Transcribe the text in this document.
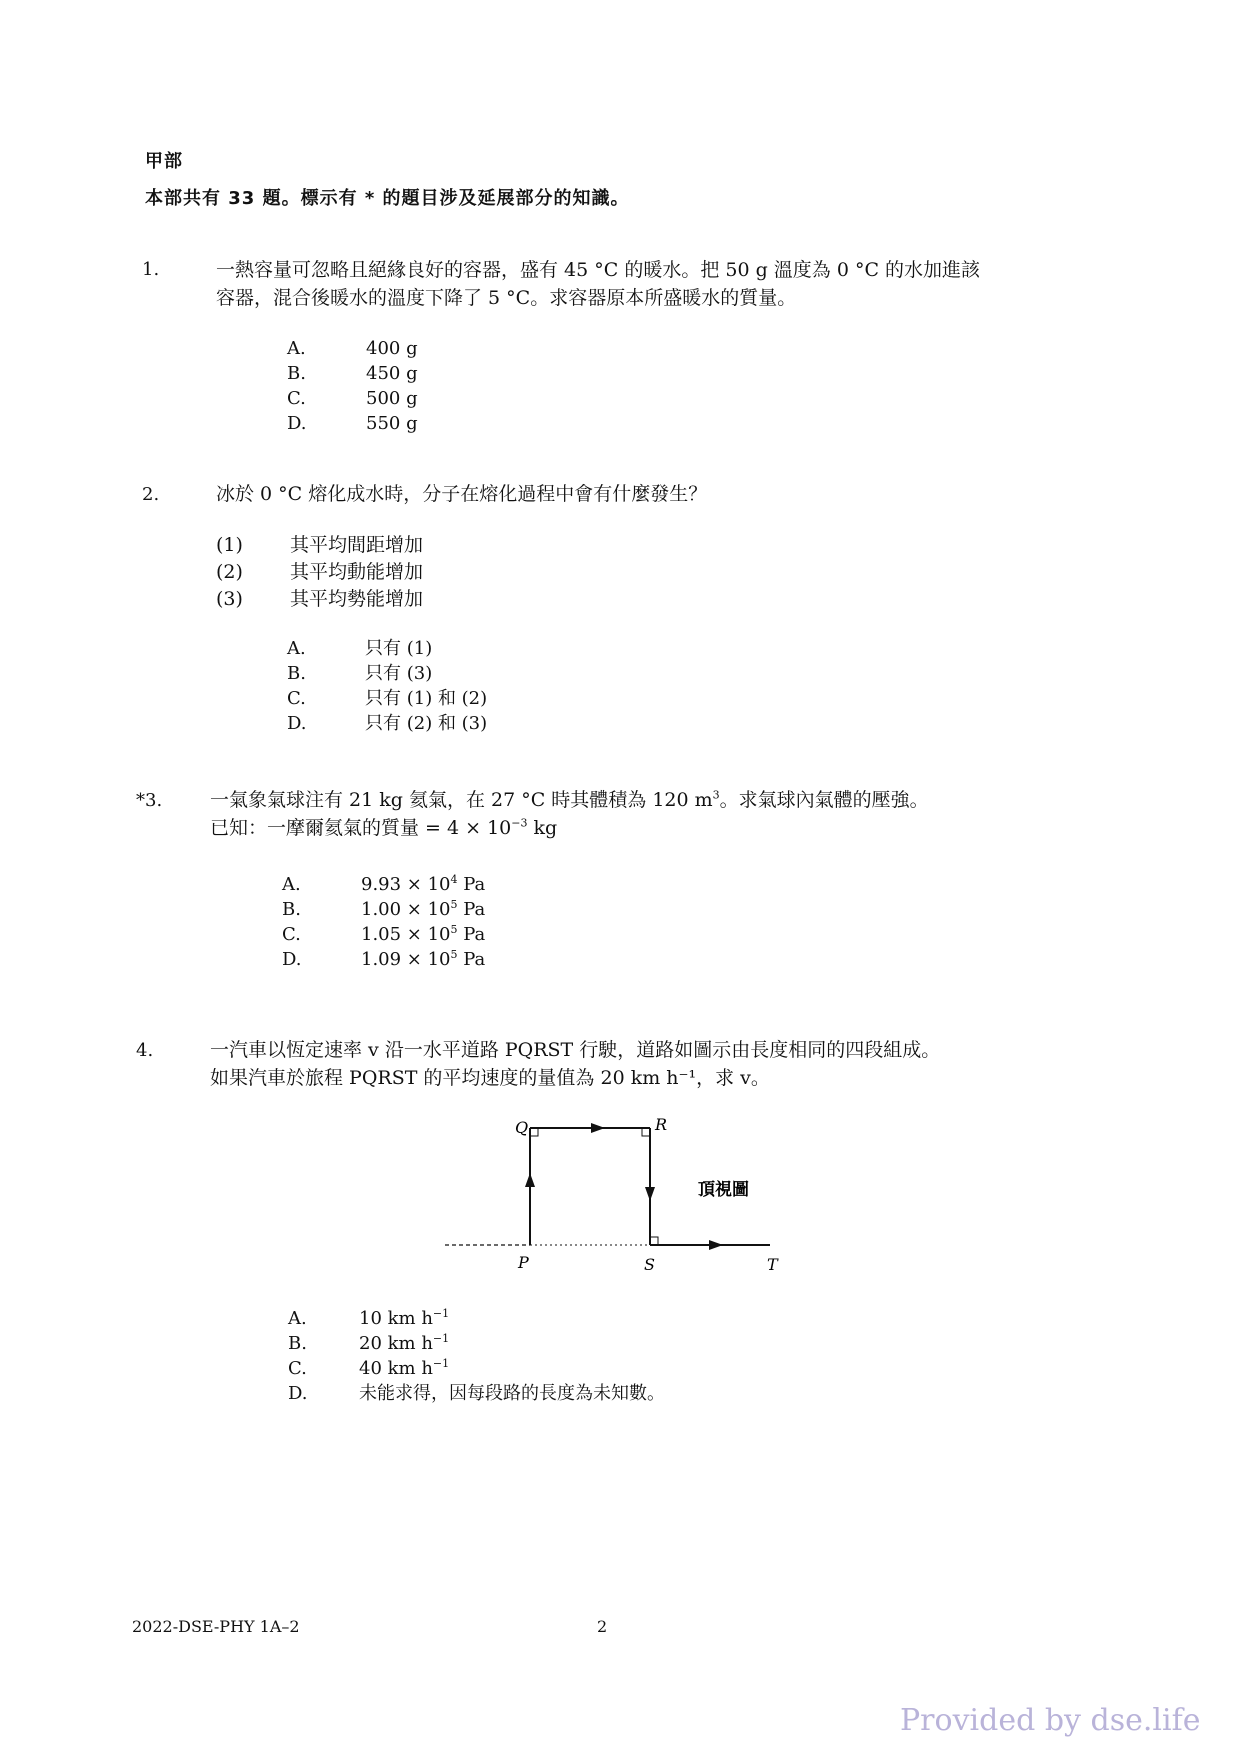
甲部
本部共有 33 題。標示有 * 的題目涉及延展部分的知識。
1.	一熱容量可忽略且絕緣良好的容器，盛有 45 °C 的暖水。把 50 g 溫度為 0 °C 的水加進該
容器，混合後暖水的溫度下降了 5 °C。求容器原本所盛暖水的質量。
A.	400 g
B.	450 g
C.	500 g
D.	550 g
2.	冰於 0 °C 熔化成水時，分子在熔化過程中會有什麼發生？
(1) 其平均間距增加
(2) 其平均動能增加
(3) 其平均勢能增加
A.	只有 (1)
B.	只有 (3)
C.	只有 (1) 和 (2)
D.	只有 (2) 和 (3)
*3.	一氣象氣球注有 21 kg 氦氣，在 27 °C 時其體積為 120 $m^3$。求氣球內氣體的壓強。
已知：一摩爾氦氣的質量 = $4 \times 10^{-3}$ kg
A.	$9.93 \times 10^4$ Pa
B.	$1.00 \times 10^5$ Pa
C.	$1.05 \times 10^5$ Pa
D.	$1.09 \times 10^5$ Pa
4.	一汽車以恆定速率 v 沿一水平道路 PQRST 行駛，道路如圖示由長度相同的四段組成。
如果汽車於旅程 PQRST 的平均速度的量值為 20 km h⁻¹，求 v。
Q	R
P	S	T
頂視圖
A.	10 km $h^{-1}$
B.	20 km $h^{-1}$
C.	40 km $h^{-1}$
D.	未能求得，因每段路的長度為未知數。
2022-DSE-PHY 1A–2	2
Provided by dse.life
